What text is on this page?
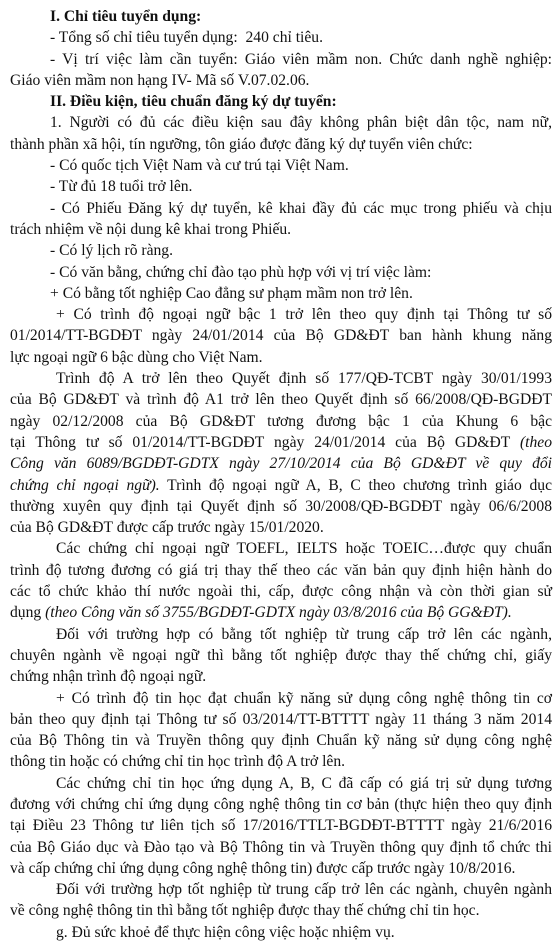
I. Chỉ tiêu tuyển dụng:
- Tổng số chỉ tiêu tuyển dụng:  240 chỉ tiêu.
- Vị trí việc làm cần tuyển: Giáo viên mầm non. Chức danh nghề nghiệp:
Giáo viên mầm non hạng IV- Mã số V.07.02.06.
II. Điều kiện, tiêu chuẩn đăng ký dự tuyển:
1. Người có đủ các điều kiện sau đây không phân biệt dân tộc, nam nữ,
thành phần xã hội, tín ngưỡng, tôn giáo được đăng ký dự tuyển viên chức:
- Có quốc tịch Việt Nam và cư trú tại Việt Nam.
- Từ đủ 18 tuổi trở lên.
- Có Phiếu Đăng ký dự tuyển, kê khai đầy đủ các mục trong phiếu và chịu
trách nhiệm về nội dung kê khai trong Phiếu.
- Có lý lịch rõ ràng.
- Có văn bằng, chứng chỉ đào tạo phù hợp với vị trí việc làm:
+ Có bằng tốt nghiệp Cao đẳng sư phạm mầm non trở lên.
+ Có trình độ ngoại ngữ bậc 1 trở lên theo quy định tại Thông tư số
01/2014/TT-BGDĐT ngày 24/01/2014 của Bộ GD&ĐT ban hành khung năng
lực ngoại ngữ 6 bậc dùng cho Việt Nam.
Trình độ A trở lên theo Quyết định số 177/QĐ-TCBT ngày 30/01/1993
của Bộ GD&ĐT và trình độ A1 trở lên theo Quyết định số 66/2008/QĐ-BGDĐT
ngày 02/12/2008 của Bộ GD&ĐT tương đương bậc 1 của Khung 6 bậc
tại Thông tư số 01/2014/TT-BGDĐT ngày 24/01/2014 của Bộ GD&ĐT (theo
Công văn 6089/BGDĐT-GDTX ngày 27/10/2014 của Bộ GD&ĐT về quy đổi
chứng chỉ ngoại ngữ). Trình độ ngoại ngữ A, B, C theo chương trình giáo dục
thường xuyên quy định tại Quyết định số 30/2008/QĐ-BGDĐT ngày 06/6/2008
của Bộ GD&ĐT được cấp trước ngày 15/01/2020.
Các chứng chỉ ngoại ngữ TOEFL, IELTS hoặc TOEIC…được quy chuẩn
trình độ tương đương có giá trị thay thế theo các văn bản quy định hiện hành do
các tổ chức khảo thí nước ngoài thi, cấp, được công nhận và còn thời gian sử
dụng (theo Công văn số 3755/BGDĐT-GDTX ngày 03/8/2016 của Bộ GG&ĐT).
Đối với trường hợp có bằng tốt nghiệp từ trung cấp trở lên các ngành,
chuyên ngành về ngoại ngữ thì bằng tốt nghiệp được thay thế chứng chỉ, giấy
chứng nhận trình độ ngoại ngữ.
+ Có trình độ tin học đạt chuẩn kỹ năng sử dụng công nghệ thông tin cơ
bản theo quy định tại Thông tư số 03/2014/TT-BTTTT ngày 11 tháng 3 năm 2014
của Bộ Thông tin và Truyền thông quy định Chuẩn kỹ năng sử dụng công nghệ
thông tin hoặc có chứng chỉ tin học trình độ A trở lên.
Các chứng chỉ tin học ứng dụng A, B, C đã cấp có giá trị sử dụng tương
đương với chứng chỉ ứng dụng công nghệ thông tin cơ bản (thực hiện theo quy định
tại Điều 23 Thông tư liên tịch số 17/2016/TTLT-BGDĐT-BTTTT ngày 21/6/2016
của Bộ Giáo dục và Đào tạo và Bộ Thông tin và Truyền thông quy định tổ chức thi
và cấp chứng chỉ ứng dụng công nghệ thông tin) được cấp trước ngày 10/8/2016.
Đối với trường hợp tốt nghiệp từ trung cấp trở lên các ngành, chuyên ngành
về công nghệ thông tin thì bằng tốt nghiệp được thay thế chứng chỉ tin học.
g. Đủ sức khoẻ để thực hiện công việc hoặc nhiệm vụ.
